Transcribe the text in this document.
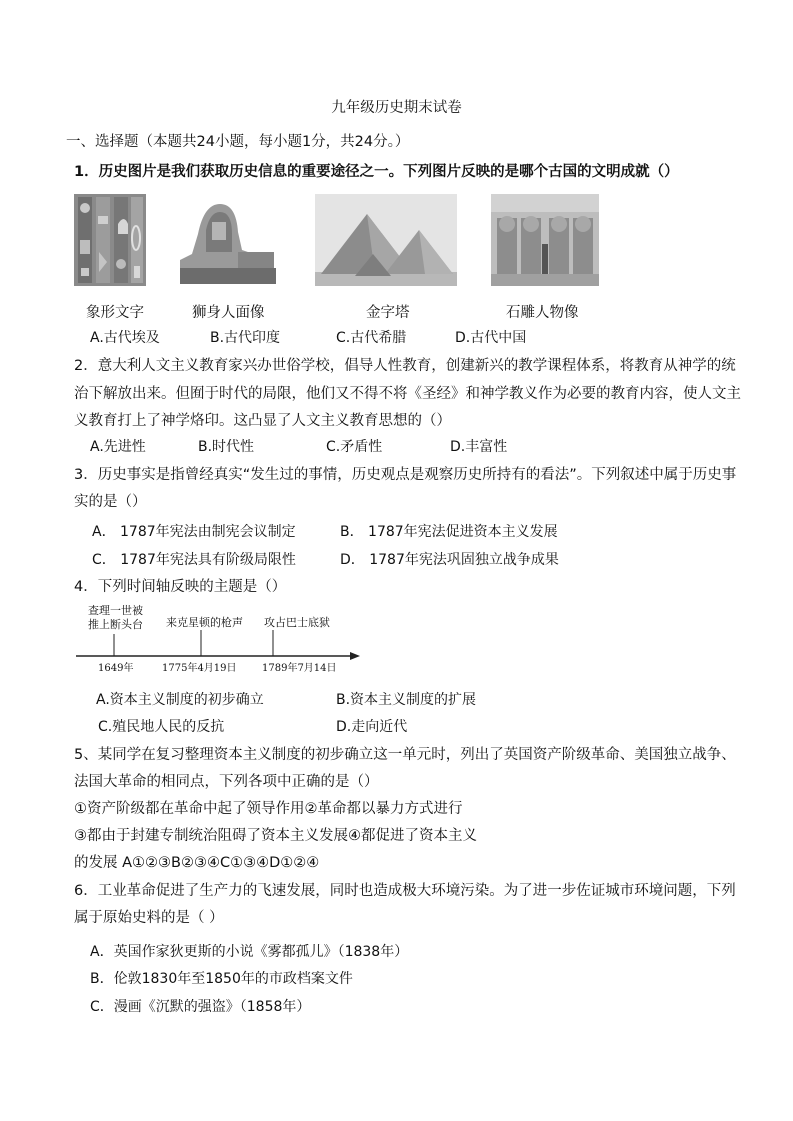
九年级历史期末试卷
一、选择题（本题共24小题，每小题1分，共24分。）
1．历史图片是我们获取历史信息的重要途径之一。下列图片反映的是哪个古国的文明成就（）
象形文字	狮身人面像	金字塔	石雕人物像
A.古代埃及	B.古代印度	C.古代希腊	D.古代中国
2．意大利人文主义教育家兴办世俗学校，倡导人性教育，创建新兴的教学课程体系，将教育从神学的统
治下解放出来。但囿于时代的局限，他们又不得不将《圣经》和神学教义作为必要的教育内容，使人文主
义教育打上了神学烙印。这凸显了人文主义教育思想的（）
A.先进性	B.时代性	C.矛盾性	D.丰富性
3．历史事实是指曾经真实“发生过的事情，历史观点是观察历史所持有的看法”。下列叙述中属于历史事
实的是（）
A． 1787年宪法由制宪会议制定	B． 1787年宪法促进资本主义发展
C． 1787年宪法具有阶级局限性	D． 1787年宪法巩固独立战争成果
4．下列时间轴反映的主题是（）
查理一世被
推上断头台 来克星顿的枪声 攻占巴士底狱
1649年	1775年4月19日	1789年7月14日
A.资本主义制度的初步确立	B.资本主义制度的扩展
C.殖民地人民的反抗	D.走向近代
5、某同学在复习整理资本主义制度的初步确立这一单元时，列出了英国资产阶级革命、美国独立战争、
法国大革命的相同点，下列各项中正确的是（）
①资产阶级都在革命中起了领导作用②革命都以暴力方式进行
③都由于封建专制统治阻碍了资本主义发展④都促进了资本主义
的发展 A①②③B②③④C①③④D①②④
6．工业革命促进了生产力的飞速发展，同时也造成极大环境污染。为了进一步佐证城市环境问题，下列
属于原始史料的是（ ）
A．英国作家狄更斯的小说《雾都孤儿》（1838年）
B．伦敦1830年至1850年的市政档案文件
C．漫画《沉默的强盗》（1858年）
